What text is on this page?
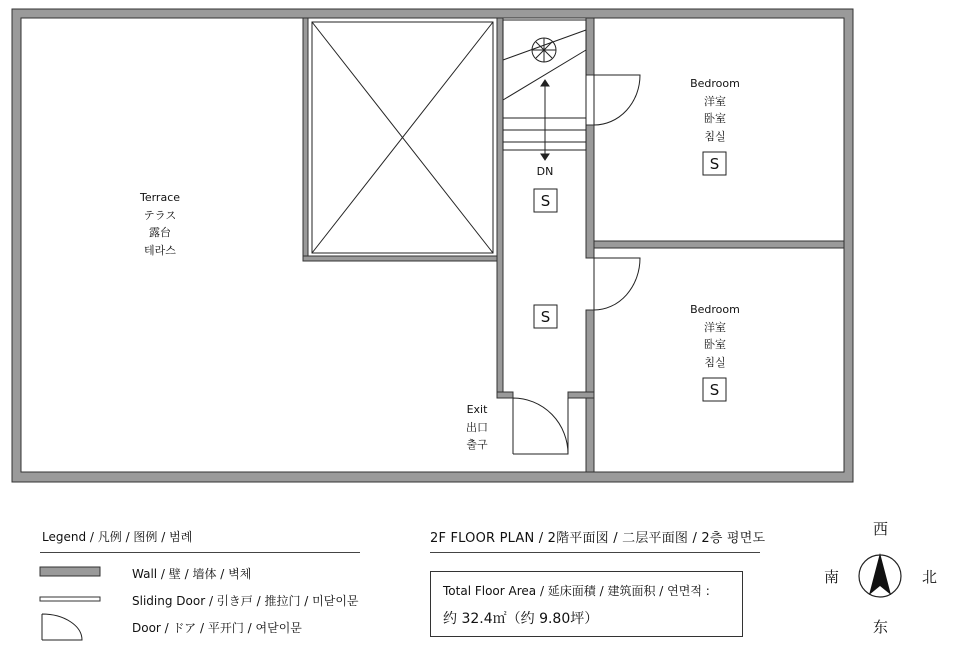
S
S
S
S
Terrace
テラス
露台
테라스
Bedroom
洋室
卧室
침실
Bedroom
洋室
卧室
침실
Exit
出口
출구
DN
Legend / 凡例 / 图例 / 범례
Wall / 壁 / 墙体 / 벽체
Sliding Door / 引き戸 / 推拉门 / 미닫이문
Door / ドア / 平开门 / 여닫이문
2F FLOOR PLAN / 2階平面図 / 二层平面图 / 2층 평면도
Total Floor Area / 延床面積 / 建筑面积 / 연면적 :
约 32.4㎡（约 9.80坪）
西
南	北
东
